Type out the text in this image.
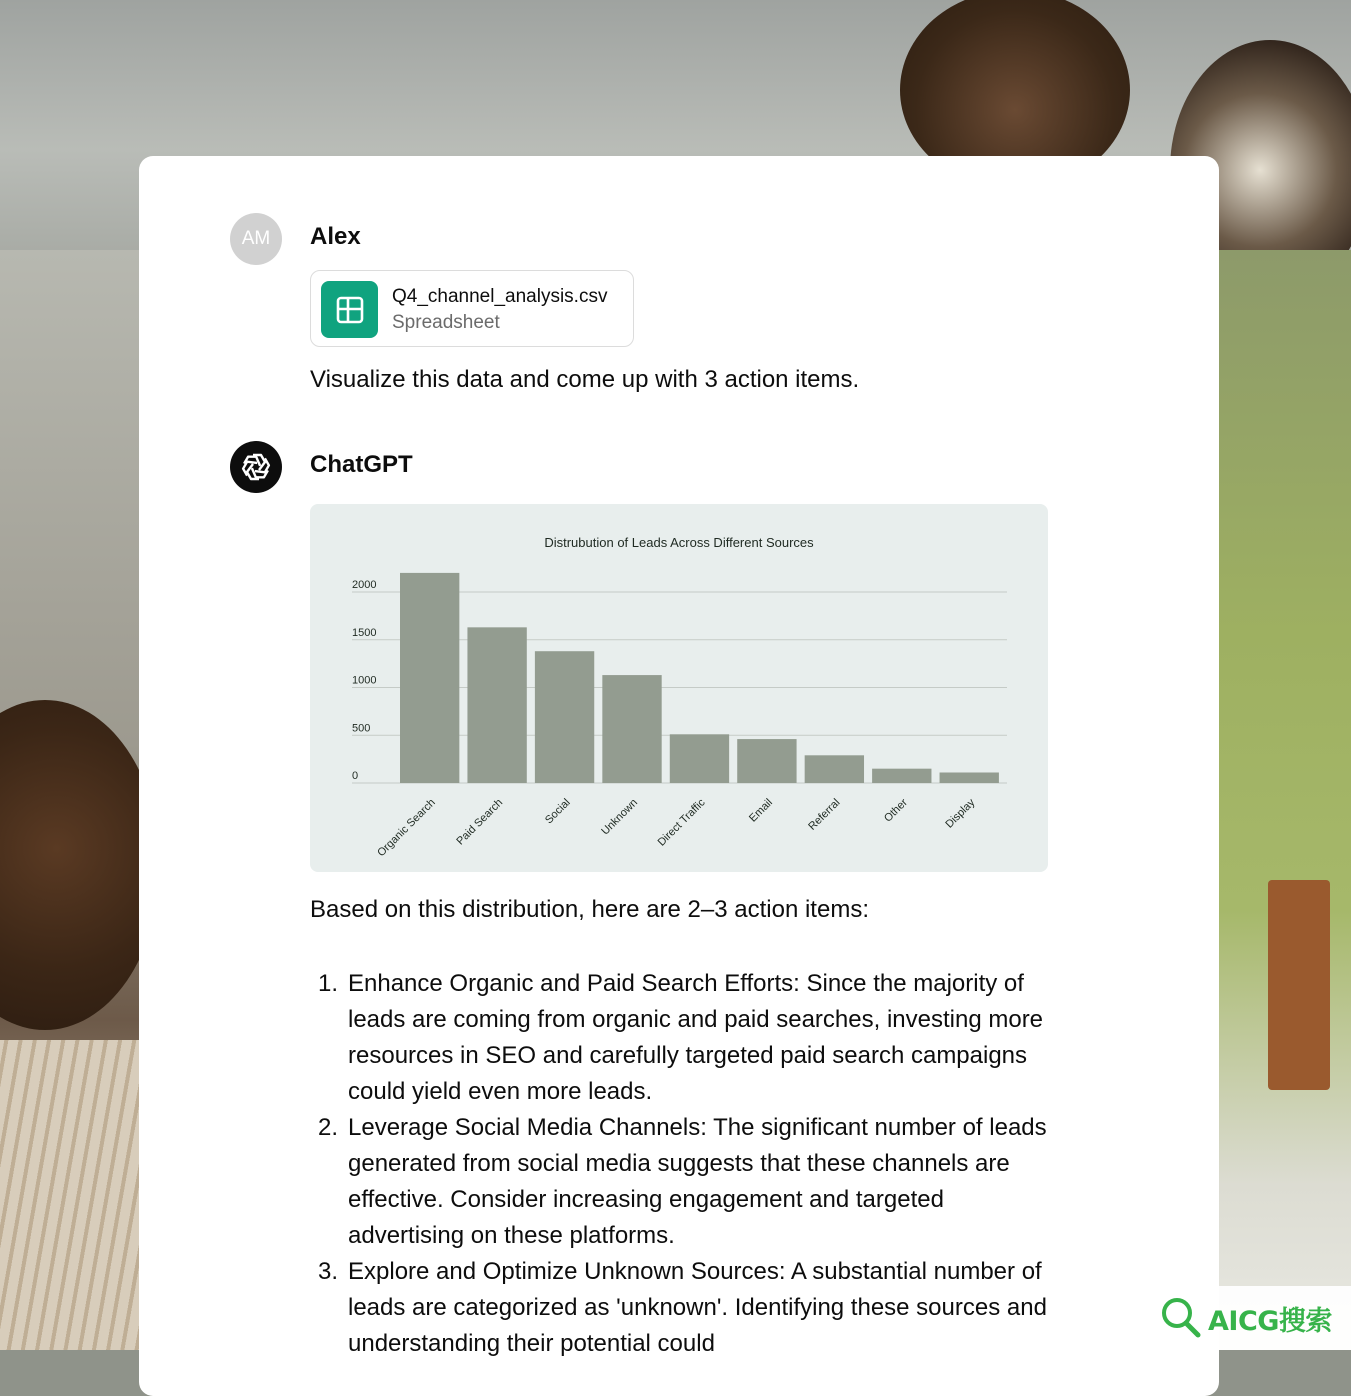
AM Alex
Q4_channel_analysis.csv
Spreadsheet
Visualize this data and come up with 3 action items.
ChatGPT
Distrubution of Leads Across Different Sources
0
500
1000
1500
2000
Organic Search Paid Search	Social Unknown Direct Traffic	Email	Referral	Other	Display
Based on this distribution, here are 2–3 action items:
1. Enhance Organic and Paid Search Efforts: Since the majority of leads are coming from organic and paid searches, investing more resources in SEO and carefully targeted paid search campaigns could yield even more leads.
2. Leverage Social Media Channels: The significant number of leads generated from social media suggests that these channels are effective. Consider increasing engagement and targeted advertising on these platforms.
3. Explore and Optimize Unknown Sources: A substantial number of leads are categorized as 'unknown'. Identifying these sources and understanding their potential could
AICG搜索
